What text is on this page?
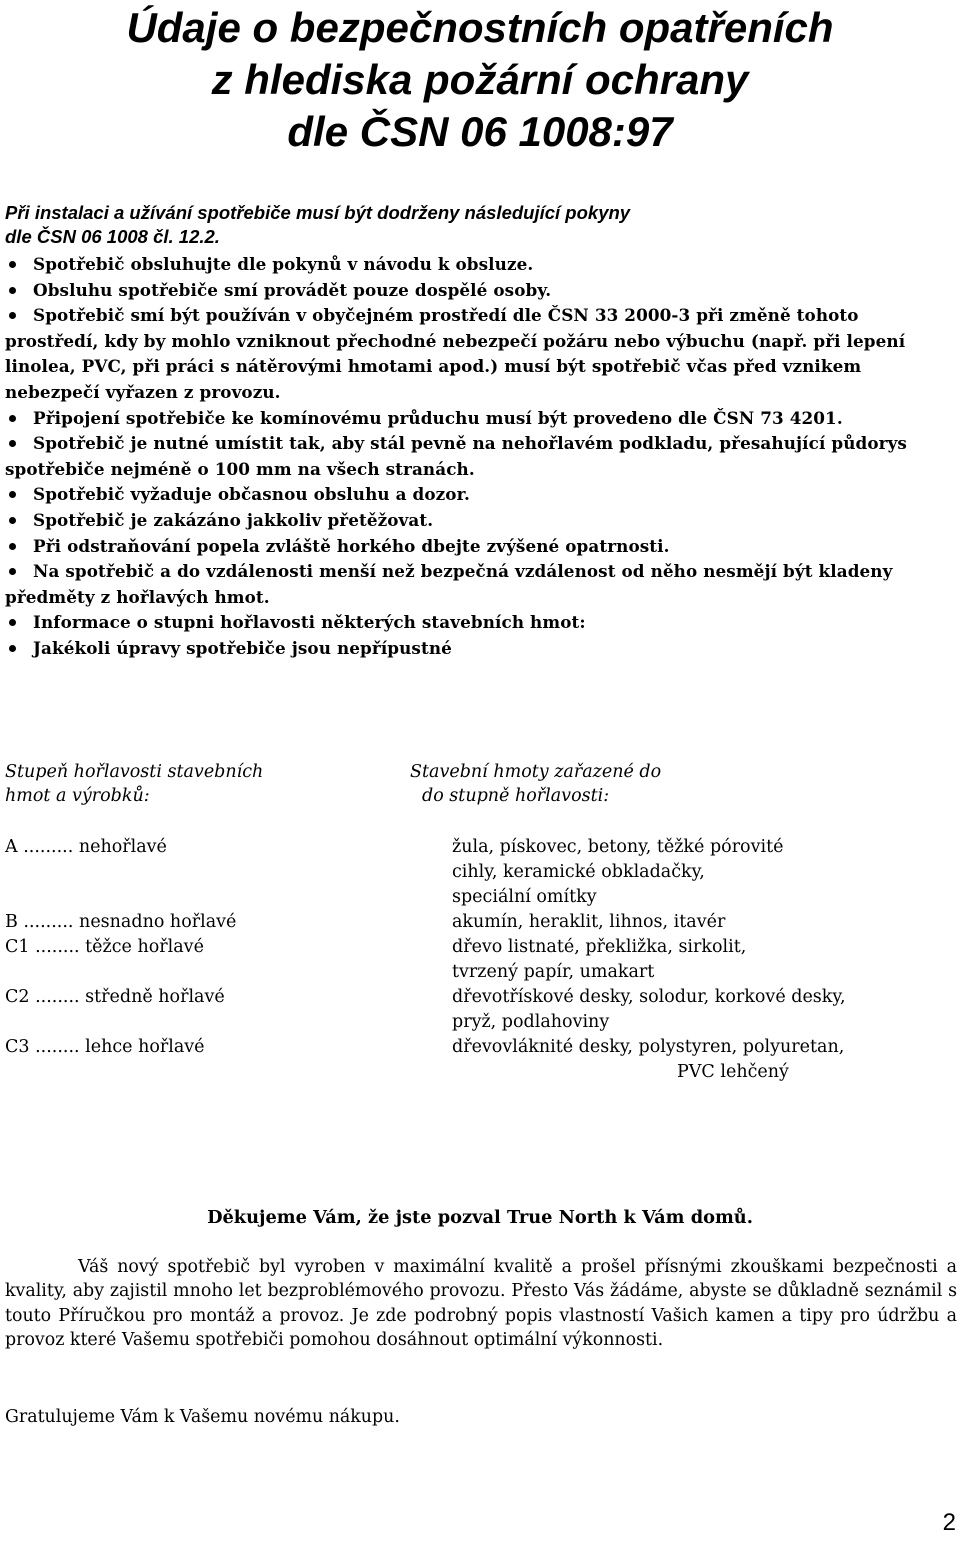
Údaje o bezpečnostních opatřeních
z hlediska požární ochrany
dle ČSN 06 1008:97
Při instalaci a užívání spotřebiče musí být dodrženy následující pokyny
dle ČSN 06 1008 čl. 12.2.
Spotřebič obsluhujte dle pokynů v návodu k obsluze.
Obsluhu spotřebiče smí provádět pouze dospělé osoby.
Spotřebič smí být používán v obyčejném prostředí dle ČSN 33 2000-3 při změně tohoto prostředí, kdy by mohlo vzniknout přechodné nebezpečí požáru nebo výbuchu (např. při lepení linolea, PVC, při práci s nátěrovými hmotami apod.) musí být spotřebič včas před vznikem nebezpečí vyřazen z provozu.
Připojení spotřebiče ke komínovému průduchu musí být provedeno dle ČSN 73 4201.
Spotřebič je nutné umístit tak, aby stál pevně na nehořlavém podkladu, přesahující půdorys spotřebiče nejméně o 100 mm na všech stranách.
Spotřebič vyžaduje občasnou obsluhu a dozor.
Spotřebič je zakázáno jakkoliv přetěžovat.
Při odstraňování popela zvláště horkého dbejte zvýšené opatrnosti.
Na spotřebič a do vzdálenosti menší než bezpečná vzdálenost od něho nesmějí být kladeny předměty z hořlavých hmot.
Informace o stupni hořlavosti některých stavebních hmot:
Jakékoli úpravy spotřebiče jsou nepřípustné
Stupeň hořlavosti stavebních
hmot a výrobků:
Stavební hmoty zařazené do
do stupně hořlavosti:
A ......... nehořlavé	žula, pískovec, betony, těžké pórovité
cihly, keramické obkladačky,
speciální omítky
B ......... nesnadno hořlavé	akumín, heraklit, lihnos, itavér
C1 ........ těžce hořlavé	dřevo listnaté, překližka, sirkolit,
tvrzený papír, umakart
C2 ........ středně hořlavé	dřevotřískové desky, solodur, korkové desky,
pryž, podlahoviny
C3 ........ lehce hořlavé	dřevovláknité desky, polystyren, polyuretan,
PVC lehčený
Děkujeme Vám, že jste pozval True North k Vám domů.
Váš nový spotřebič byl vyroben v maximální kvalitě a prošel přísnými zkouškami bezpečnosti a kvality, aby zajistil mnoho let bezproblémového provozu. Přesto Vás žádáme, abyste se důkladně seznámil s touto Příručkou pro montáž a provoz. Je zde podrobný popis vlastností Vašich kamen a tipy pro údržbu a provoz které Vašemu spotřebiči pomohou dosáhnout optimální výkonnosti.
Gratulujeme Vám k Vašemu novému nákupu.
2
